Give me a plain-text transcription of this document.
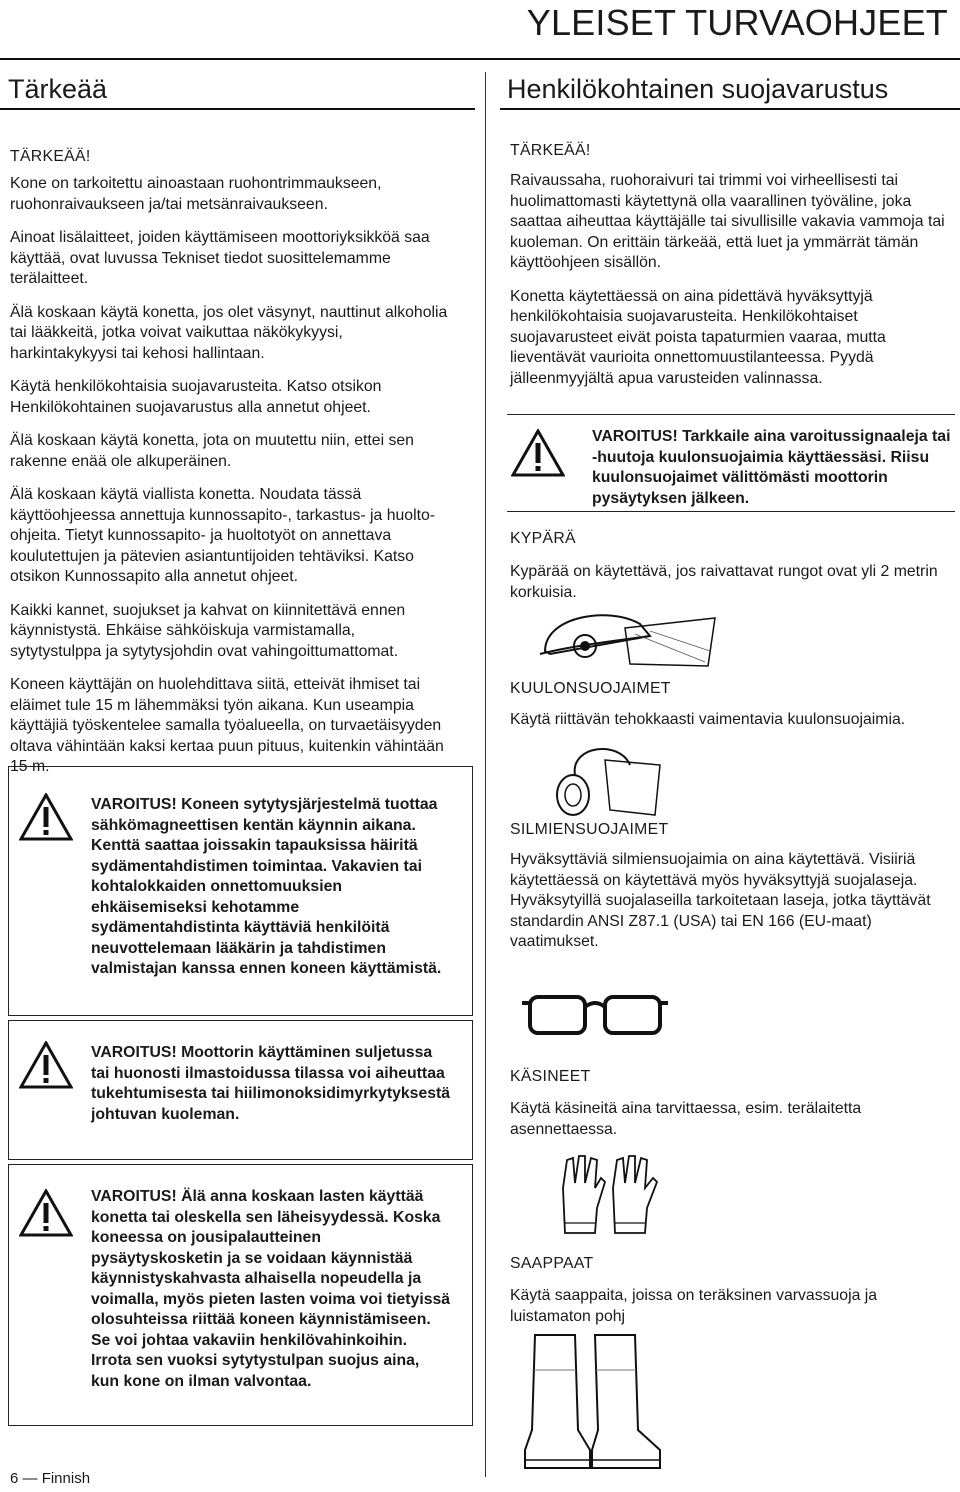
YLEISET TURVAOHJEET
Tärkeää
TÄRKEÄÄ!

Kone on tarkoitettu ainoastaan ruohontrimmaukseen, ruohonraivaukseen ja/tai metsänraivaukseen.

Ainoat lisälaitteet, joiden käyttämiseen moottoriyksikköä saa käyttää, ovat luvussa Tekniset tiedot suosittelemamme terälaitteet.

Älä koskaan käytä konetta, jos olet väsynyt, nauttinut alkoholia tai lääkkeitä, jotka voivat vaikuttaa näkökykyysi, harkintakykyysi tai kehosi hallintaan.

Käytä henkilökohtaisia suojavarusteita. Katso otsikon Henkilökohtainen suojavarustus alla annetut ohjeet.

Älä koskaan käytä konetta, jota on muutettu niin, ettei sen rakenne enää ole alkuperäinen.

Älä koskaan käytä viallista konetta. Noudata tässä käyttöohjeessa annettuja kunnossapito-, tarkastus- ja huolto-ohjeita. Tietyt kunnossapito- ja huoltotyöt on annettava koulutettujen ja pätevien asiantuntijoiden tehtäviksi. Katso otsikon Kunnossapito alla annetut ohjeet.

Kaikki kannet, suojukset ja kahvat on kiinnitettävä ennen käynnistystä. Ehkäise sähköiskuja varmistamalla, sytytystulppa ja sytytysjohdin ovat vahingoittumattomat.

Koneen käyttäjän on huolehdittava siitä, etteivät ihmiset tai eläimet tule 15 m lähemmäksi työn aikana. Kun useampia käyttäjiä työskentelee samalla työalueella, on turvaetäisyyden oltava vähintään kaksi kertaa puun pituus, kuitenkin vähintään 15 m.

VAROITUS! Koneen sytytysjärjestelmä tuottaa sähkömagneettisen kentän käynnin aikana. Kenttä saattaa joissakin tapauksissa häiritä sydämentahdistimen toimintaa. Vakavien tai kohtalokkaiden onnettomuuksien ehkäisemiseksi kehotamme sydämentahdistinta käyttäviä henkilöitä neuvottelemaan lääkärin ja tahdistimen valmistajan kanssa ennen koneen käyttämistä.

VAROITUS! Moottorin käyttäminen suljetussa tai huonosti ilmastoidussa tilassa voi aiheuttaa tukehtumisesta tai hiilimonoksidimyrkytyksestä johtuvan kuoleman.

VAROITUS! Älä anna koskaan lasten käyttää konetta tai oleskella sen läheisyydessä. Koska koneessa on jousipalautteinen pysäytyskosketin ja se voidaan käynnistää käynnistyskahvasta alhaisella nopeudella ja voimalla, myös pieten lasten voima voi tietyissä olosuhteissa riittää koneen käynnistämiseen. Se voi johtaa vakaviin henkilövahinkoihin. Irrota sen vuoksi sytytystulpan suojus aina, kun kone on ilman valvontaa.

Henkilökohtainen suojavarustus
TÄRKEÄÄ!

Raivaussaha, ruohoraivuri tai trimmi voi virheellisesti tai huolimattomasti käytettynä olla vaarallinen työväline, joka saattaa aiheuttaa käyttäjälle tai sivullisille vakavia vammoja tai kuoleman. On erittäin tärkeää, että luet ja ymmärrät tämän käyttöohjeen sisällön.

Konetta käytettäessä on aina pidettävä hyväksyttyjä henkilökohtaisia suojavarusteita. Henkilökohtaiset suojavarusteet eivät poista tapaturmien vaaraa, mutta lieventävät vaurioita onnettomuustilanteessa. Pyydä jälleenmyyjältä apua varusteiden valinnassa.

VAROITUS! Tarkkaile aina varoitussignaaleja tai -huutoja kuulonsuojaimia käyttäessäsi. Riisu kuulonsuojaimet välittömästi moottorin pysäytyksen jälkeen.

KYPÄRÄ
Kypärää on käytettävä, jos raivattavat rungot ovat yli 2 metrin korkuisia.
KUULONSUOJAIMET
Käytä riittävän tehokkaasti vaimentavia kuulonsuojaimia.
SILMIENSUOJAIMET
Hyväksyttäviä silmiensuojaimia on aina käytettävä. Visiiriä käytettäessä on käytettävä myös hyväksyttyjä suojalaseja. Hyväksytyillä suojalaseilla tarkoitetaan laseja, jotka täyttävät standardin ANSI Z87.1 (USA) tai EN 166 (EU-maat) vaatimukset.
KÄSINEET
Käytä käsineitä aina tarvittaessa, esim. terälaitetta asennettaessa.
SAAPPAAT
Käytä saappaita, joissa on teräksinen varvassuoja ja luistamaton pohj
6 — Finnish
